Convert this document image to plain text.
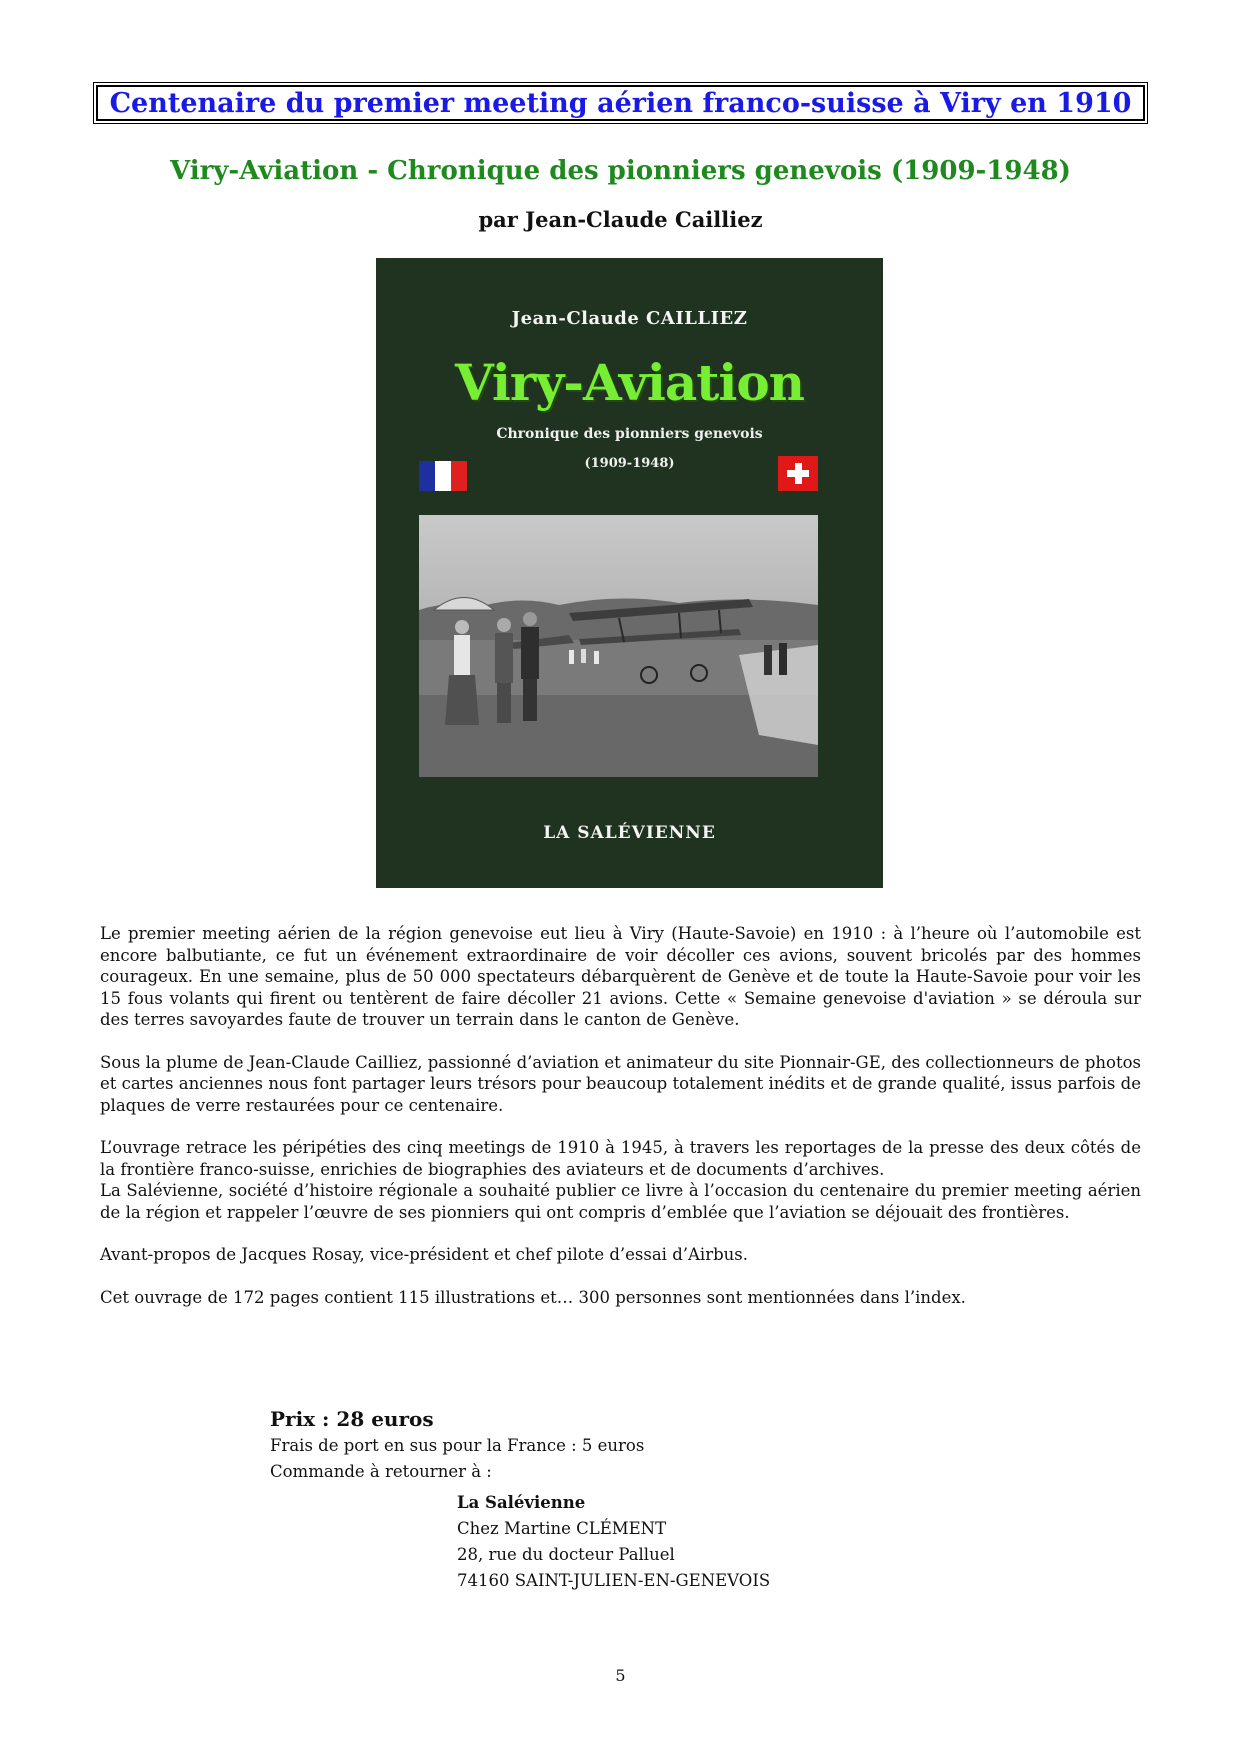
Centenaire du premier meeting aérien franco-suisse à Viry en 1910
Viry-Aviation - Chronique des pionniers genevois (1909-1948)
par Jean-Claude Cailliez
Jean-Claude CAILLIEZ
Viry-Aviation
Chronique des pionniers genevois
(1909-1948)
LA SALÉVIENNE

Le premier meeting aérien de la région genevoise eut lieu à Viry (Haute-Savoie) en 1910 : à l’heure où l’automobile est encore balbutiante, ce fut un événement extraordinaire de voir décoller ces avions, souvent bricolés par des hommes courageux. En une semaine, plus de 50 000 spectateurs débarquèrent de Genève et de toute la Haute-Savoie pour voir les 15 fous volants qui firent ou tentèrent de faire décoller 21 avions. Cette « Semaine genevoise d'aviation » se déroula sur des terres savoyardes faute de trouver un terrain dans le canton de Genève.

Sous la plume de Jean-Claude Cailliez, passionné d’aviation et animateur du site Pionnair-GE, des collectionneurs de photos et cartes anciennes nous font partager leurs trésors pour beaucoup totalement inédits et de grande qualité, issus parfois de plaques de verre restaurées pour ce centenaire.

L’ouvrage retrace les péripéties des cinq meetings de 1910 à 1945, à travers les reportages de la presse des deux côtés de la frontière franco-suisse, enrichies de biographies des aviateurs et de documents d’archives.

La Salévienne, société d’histoire régionale a souhaité publier ce livre à l’occasion du centenaire du premier meeting aérien de la région et rappeler l’œuvre de ses pionniers qui ont compris d’emblée que l’aviation se déjouait des frontières.

Avant-propos de Jacques Rosay, vice-président et chef pilote d’essai d’Airbus.

Cet ouvrage de 172 pages contient 115 illustrations et… 300 personnes sont mentionnées dans l’index.

Prix : 28 euros
Frais de port en sus pour la France : 5 euros
Commande à retourner à :
La Salévienne
Chez Martine CLÉMENT
28, rue du docteur Palluel
74160 SAINT-JULIEN-EN-GENEVOIS
5
